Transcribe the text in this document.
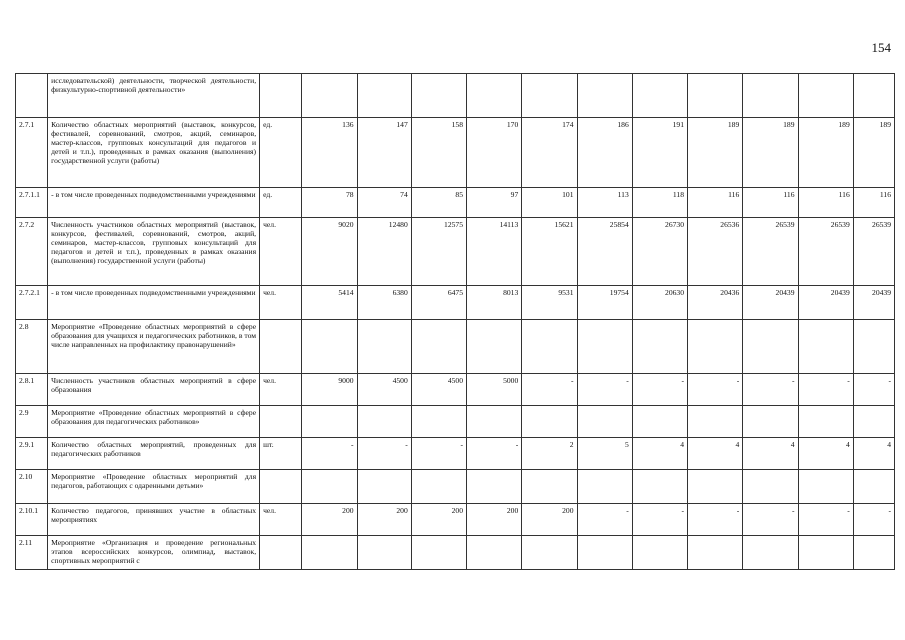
154
	исследовательской) деятельности, творческой деятельности, физкультурно-спортивной деятельности»												
2.7.1	Количество областных мероприятий (выставок, конкурсов, фестивалей, соревнований, смотров, акций, семинаров, мастер-классов, групповых консультаций для педагогов и детей и т.п.), проведенных в рамках оказания (выполнения) государственной услуги (работы)	ед.	136	147	158	170	174	186	191	189	189	189	189
2.7.1.1	- в том числе проведенных подведомственными учреждениями	ед.	78	74	85	97	101	113	118	116	116	116	116
2.7.2	Численность участников областных мероприятий (выставок, конкурсов, фестивалей, соревнований, смотров, акций, семинаров, мастер-классов, групповых консультаций для педагогов и детей и т.п.), проведенных в рамках оказания (выполнения) государственной услуги (работы)	чел.	9020	12480	12575	14113	15621	25854	26730	26536	26539	26539	26539
2.7.2.1	- в том числе проведенных подведомственными учреждениями	чел.	5414	6380	6475	8013	9531	19754	20630	20436	20439	20439	20439
2.8	Мероприятие «Проведение областных мероприятий в сфере образования для учащихся и педагогических работников, в том числе направленных на профилактику правонарушений»												
2.8.1	Численность участников областных мероприятий в сфере образования	чел.	9000	4500	4500	5000	-	-	-	-	-	-	-
2.9	Мероприятие «Проведение областных мероприятий в сфере образования для педагогических работников»												
2.9.1	Количество областных мероприятий, проведенных для педагогических работников	шт.	-	-	-	-	2	5	4	4	4	4	4
2.10	Мероприятие «Проведение областных мероприятий для педагогов, работающих с одаренными детьми»												
2.10.1	Количество педагогов, принявших участие в областных мероприятиях	чел.	200	200	200	200	200	-	-	-	-	-	-
2.11	Мероприятие «Организация и проведение региональных этапов всероссийских конкурсов, олимпиад, выставок, спортивных мероприятий с												
